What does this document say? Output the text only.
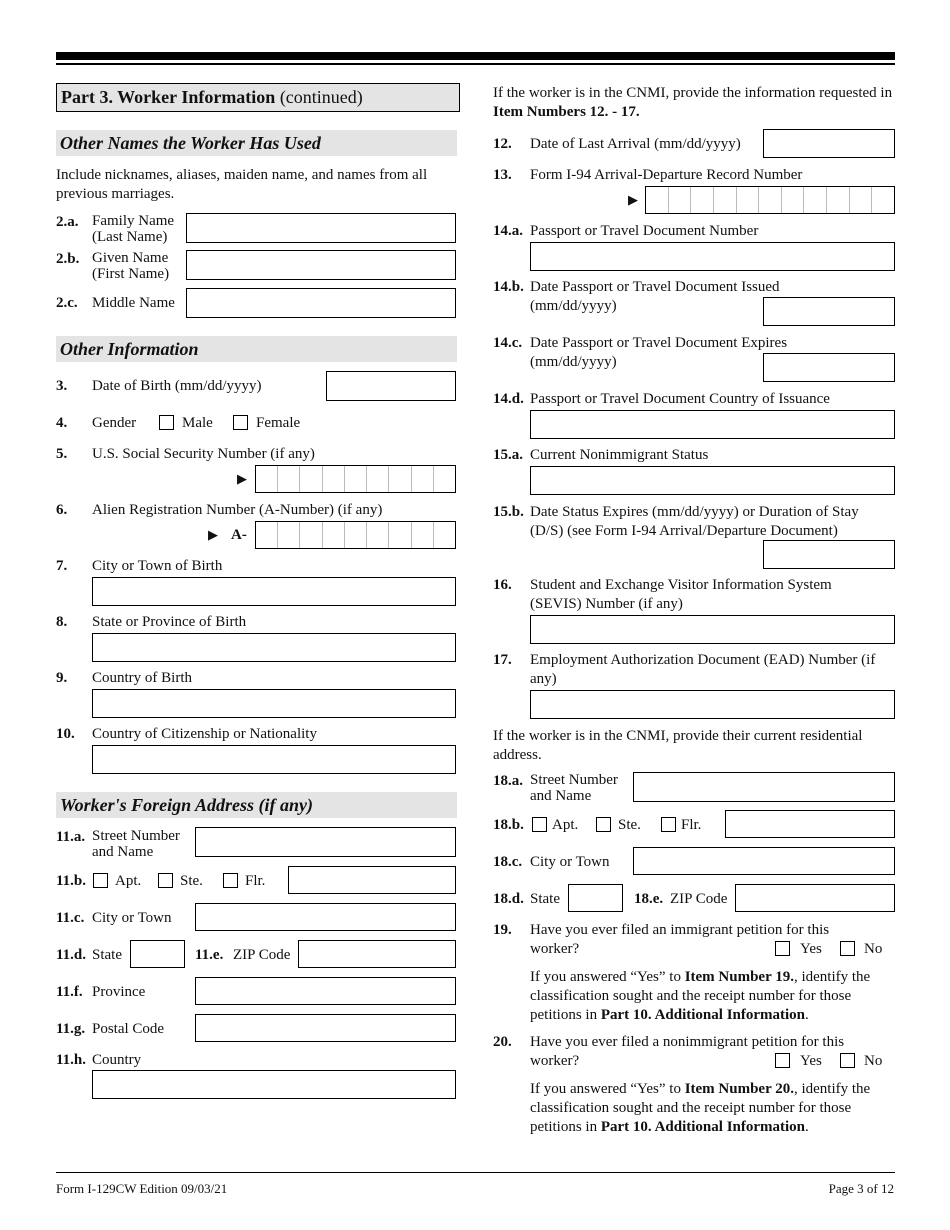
Part 3. Worker Information (continued)
Other Names the Worker Has Used
Include nicknames, aliases, maiden name, and names from all previous marriages.
2.a. Family Name
(Last Name)
2.b. Given Name
(First Name)
2.c. Middle Name
Other Information
3. Date of Birth (mm/dd/yyyy)
4. Gender	Male	Female
5. U.S. Social Security Number (if any)
▶
6. Alien Registration Number (A-Number) (if any)
▶ A-
7. City or Town of Birth
8. State or Province of Birth
9. Country of Birth
10. Country of Citizenship or Nationality
Worker's Foreign Address (if any)
11.a. Street Number
and Name
11.b. Apt.	Ste.	Flr.
11.c. City or Town
11.d. State	11.e. ZIP Code
11.f. Province
11.g. Postal Code
11.h. Country
If the worker is in the CNMI, provide the information requested in Item Numbers 12. - 17.
12. Date of Last Arrival (mm/dd/yyyy)
13. Form I-94 Arrival-Departure Record Number
▶
14.a. Passport or Travel Document Number
14.b. Date Passport or Travel Document Issued
(mm/dd/yyyy)
14.c. Date Passport or Travel Document Expires
(mm/dd/yyyy)
14.d. Passport or Travel Document Country of Issuance
15.a. Current Nonimmigrant Status
15.b. Date Status Expires (mm/dd/yyyy) or Duration of Stay
(D/S) (see Form I-94 Arrival/Departure Document)
16. Student and Exchange Visitor Information System
(SEVIS) Number (if any)
17. Employment Authorization Document (EAD) Number (if
any)
If the worker is in the CNMI, provide their current residential address.
18.a. Street Number
and Name
18.b. Apt.	Ste.	Flr.
18.c. City or Town
18.d. State	18.e. ZIP Code
19. Have you ever filed an immigrant petition for this
worker?	Yes	No
If you answered “Yes” to Item Number 19., identify the classification sought and the receipt number for those petitions in Part 10. Additional Information.
20. Have you ever filed a nonimmigrant petition for this
worker?	Yes	No
If you answered “Yes” to Item Number 20., identify the classification sought and the receipt number for those petitions in Part 10. Additional Information.
Form I-129CW Edition 09/03/21	Page 3 of 12
